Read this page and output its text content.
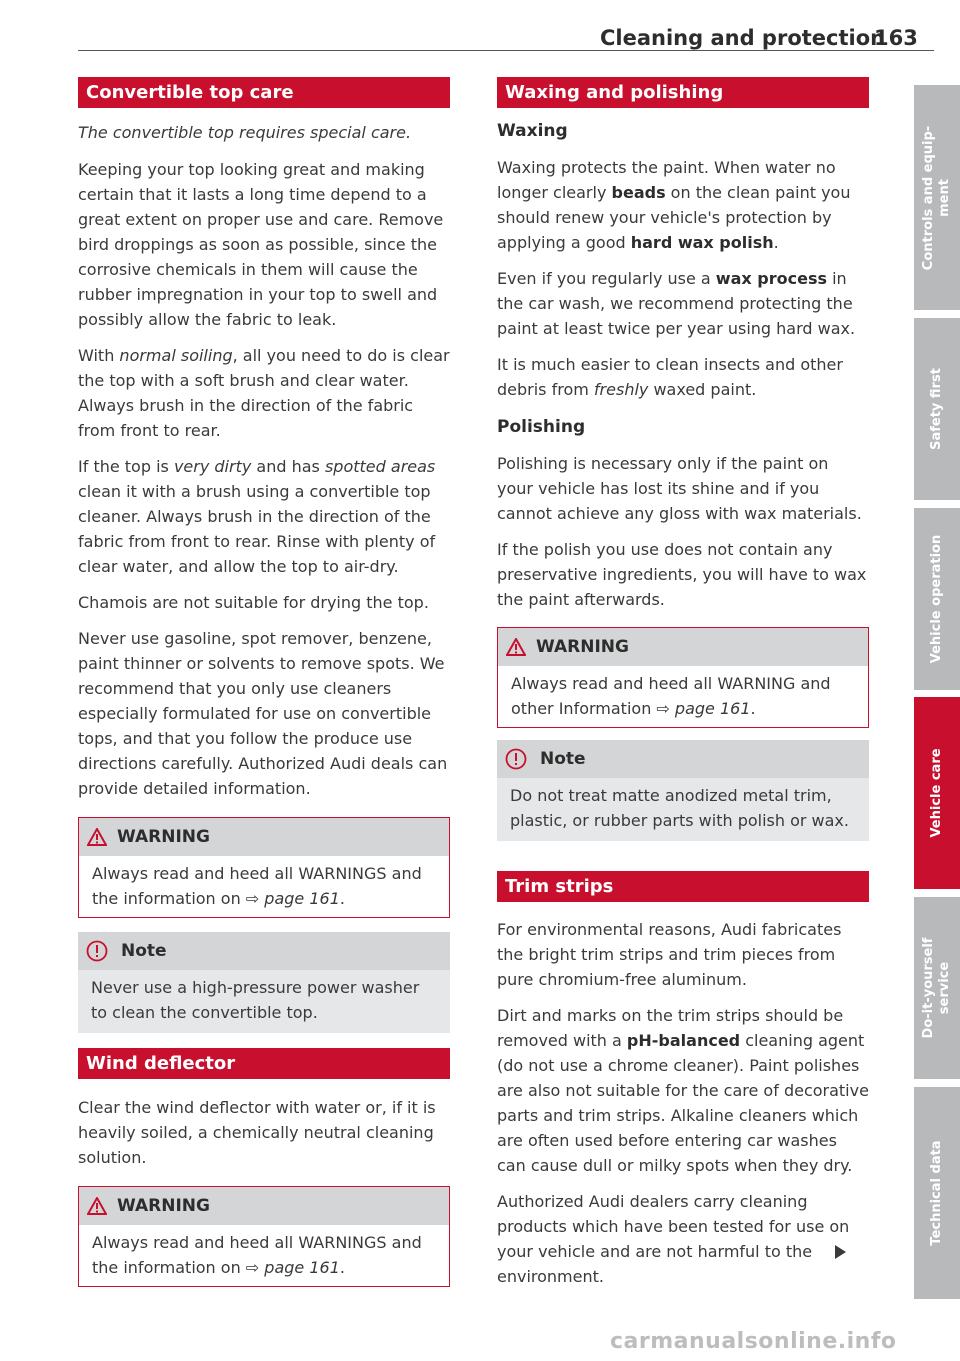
Cleaning and protection
163
Convertible top care

The convertible top requires special care.

Keeping your top looking great and making certain that it lasts a long time depend to a great extent on proper use and care. Remove bird droppings as soon as possible, since the corrosive chemicals in them will cause the rubber impregnation in your top to swell and possibly allow the fabric to leak.

With normal soiling, all you need to do is clear the top with a soft brush and clear water. Always brush in the direction of the fabric from front to rear.

If the top is very dirty and has spotted areas clean it with a brush using a convertible top cleaner. Always brush in the direction of the fabric from front to rear. Rinse with plenty of clear water, and allow the top to air-dry.

Chamois are not suitable for drying the top.

Never use gasoline, spot remover, benzene, paint thinner or solvents to remove spots. We recommend that you only use cleaners especially formulated for use on convertible tops, and that you follow the produce use directions carefully. Authorized Audi deals can provide detailed information.

WARNING
Always read and heed all WARNINGS and the information on ⇨ page 161.
Note
Never use a high-pressure power washer to clean the convertible top.
Wind deflector

Clear the wind deflector with water or, if it is heavily soiled, a chemically neutral cleaning solution.

WARNING
Always read and heed all WARNINGS and the information on ⇨ page 161.
Waxing and polishing

Waxing

Waxing protects the paint. When water no longer clearly beads on the clean paint you should renew your vehicle's protection by applying a good hard wax polish.

Even if you regularly use a wax process in the car wash, we recommend protecting the paint at least twice per year using hard wax.

It is much easier to clean insects and other debris from freshly waxed paint.

Polishing

Polishing is necessary only if the paint on your vehicle has lost its shine and if you cannot achieve any gloss with wax materials.

If the polish you use does not contain any preservative ingredients, you will have to wax the paint afterwards.

WARNING
Always read and heed all WARNING and other Information ⇨ page 161.
Note
Do not treat matte anodized metal trim, plastic, or rubber parts with polish or wax.
Trim strips

For environmental reasons, Audi fabricates the bright trim strips and trim pieces from pure chromium-free aluminum.

Dirt and marks on the trim strips should be removed with a pH-balanced cleaning agent (do not use a chrome cleaner). Paint polishes are also not suitable for the care of decorative parts and trim strips. Alkaline cleaners which are often used before entering car washes can cause dull or milky spots when they dry.

Authorized Audi dealers carry cleaning products which have been tested for use on your vehicle and are not harmful to the environment.

Controls and equip- ment
Safety first
Vehicle operation
Vehicle care
Do-it-yourself service
Technical data
carmanualsonline.info
